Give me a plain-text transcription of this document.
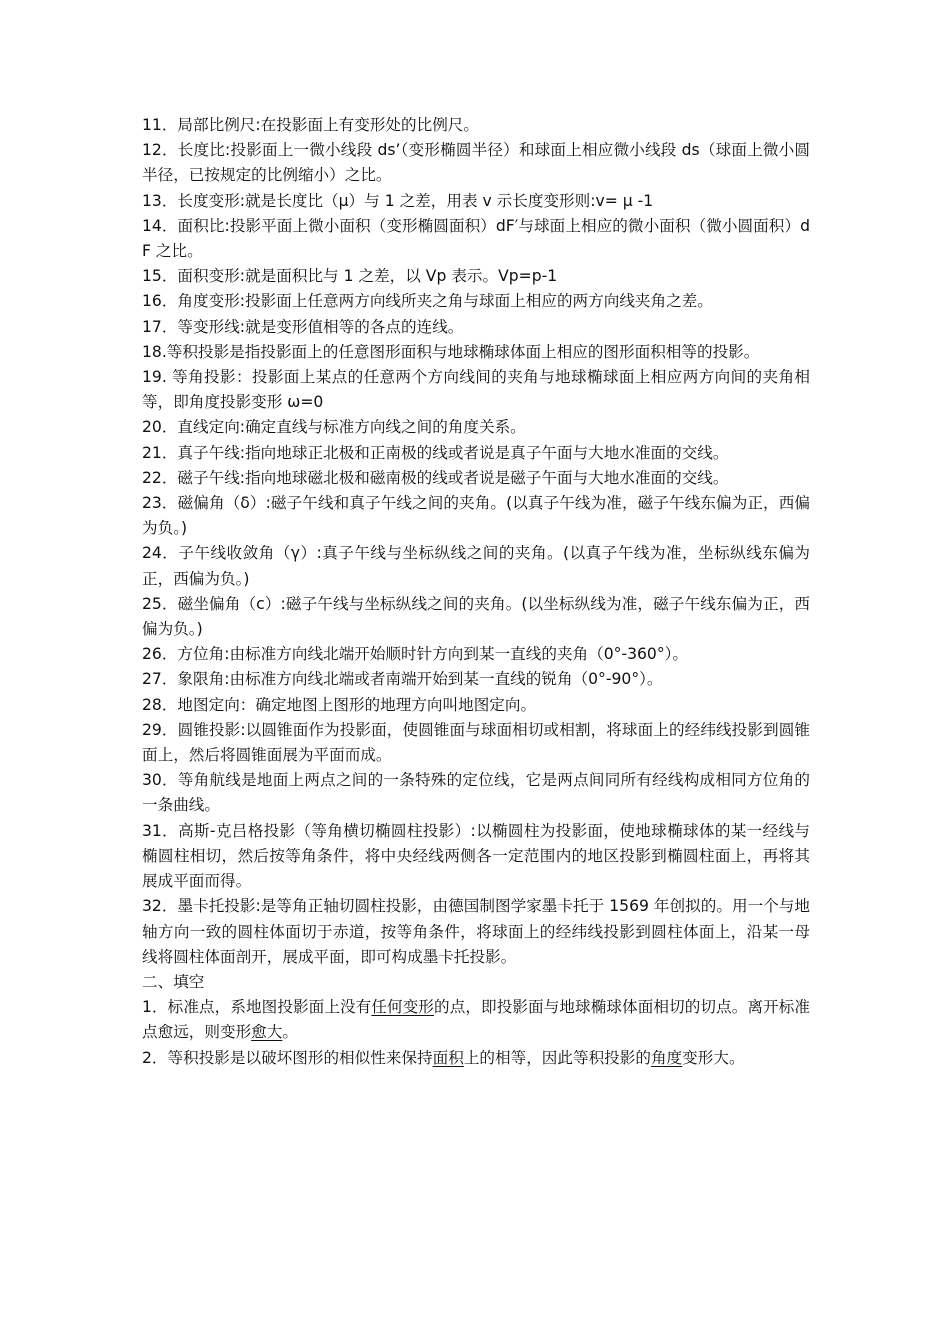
11．局部比例尺:在投影面上有变形处的比例尺。

12．长度比:投影面上一微小线段 ds’（变形椭圆半径）和球面上相应微小线段 ds（球面上微小圆半径，已按规定的比例缩小）之比。

13．长度变形:就是长度比（μ）与 1 之差，用表 v 示长度变形则:v= μ -1

14．面积比:投影平面上微小面积（变形椭圆面积）dF′与球面上相应的微小面积（微小圆面积）dF 之比。

15．面积变形:就是面积比与 1 之差，以 Vp 表示。Vp=p-1

16．角度变形:投影面上任意两方向线所夹之角与球面上相应的两方向线夹角之差。

17．等变形线:就是变形值相等的各点的连线。

18.等积投影是指投影面上的任意图形面积与地球椭球体面上相应的图形面积相等的投影。

19. 等角投影：投影面上某点的任意两个方向线间的夹角与地球椭球面上相应两方向间的夹角相等，即角度投影变形 ω=0

20．直线定向:确定直线与标准方向线之间的角度关系。

21．真子午线:指向地球正北极和正南极的线或者说是真子午面与大地水准面的交线。

22．磁子午线:指向地球磁北极和磁南极的线或者说是磁子午面与大地水准面的交线。

23．磁偏角（δ）:磁子午线和真子午线之间的夹角。(以真子午线为准，磁子午线东偏为正，西偏为负。)

24．子午线收敛角（γ）:真子午线与坐标纵线之间的夹角。(以真子午线为准，坐标纵线东偏为正，西偏为负。)

25．磁坐偏角（c）:磁子午线与坐标纵线之间的夹角。(以坐标纵线为准，磁子午线东偏为正，西偏为负。)

26．方位角:由标准方向线北端开始顺时针方向到某一直线的夹角（0°-360°）。

27．象限角:由标准方向线北端或者南端开始到某一直线的锐角（0°-90°）。

28．地图定向：确定地图上图形的地理方向叫地图定向。

29．圆锥投影:以圆锥面作为投影面，使圆锥面与球面相切或相割，将球面上的经纬线投影到圆锥面上，然后将圆锥面展为平面而成。

30．等角航线是地面上两点之间的一条特殊的定位线，它是两点间同所有经线构成相同方位角的一条曲线。

31．高斯-克吕格投影（等角横切椭圆柱投影）:以椭圆柱为投影面，使地球椭球体的某一经线与椭圆柱相切，然后按等角条件，将中央经线两侧各一定范围内的地区投影到椭圆柱面上，再将其展成平面而得。

32．墨卡托投影:是等角正轴切圆柱投影，由德国制图学家墨卡托于 1569 年创拟的。用一个与地轴方向一致的圆柱体面切于赤道，按等角条件，将球面上的经纬线投影到圆柱体面上，沿某一母线将圆柱体面剖开，展成平面，即可构成墨卡托投影。

二、填空

1．标准点，系地图投影面上没有任何变形的点，即投影面与地球椭球体面相切的切点。离开标准点愈远，则变形愈大。

2．等积投影是以破坏图形的相似性来保持面积上的相等，因此等积投影的角度变形大。
